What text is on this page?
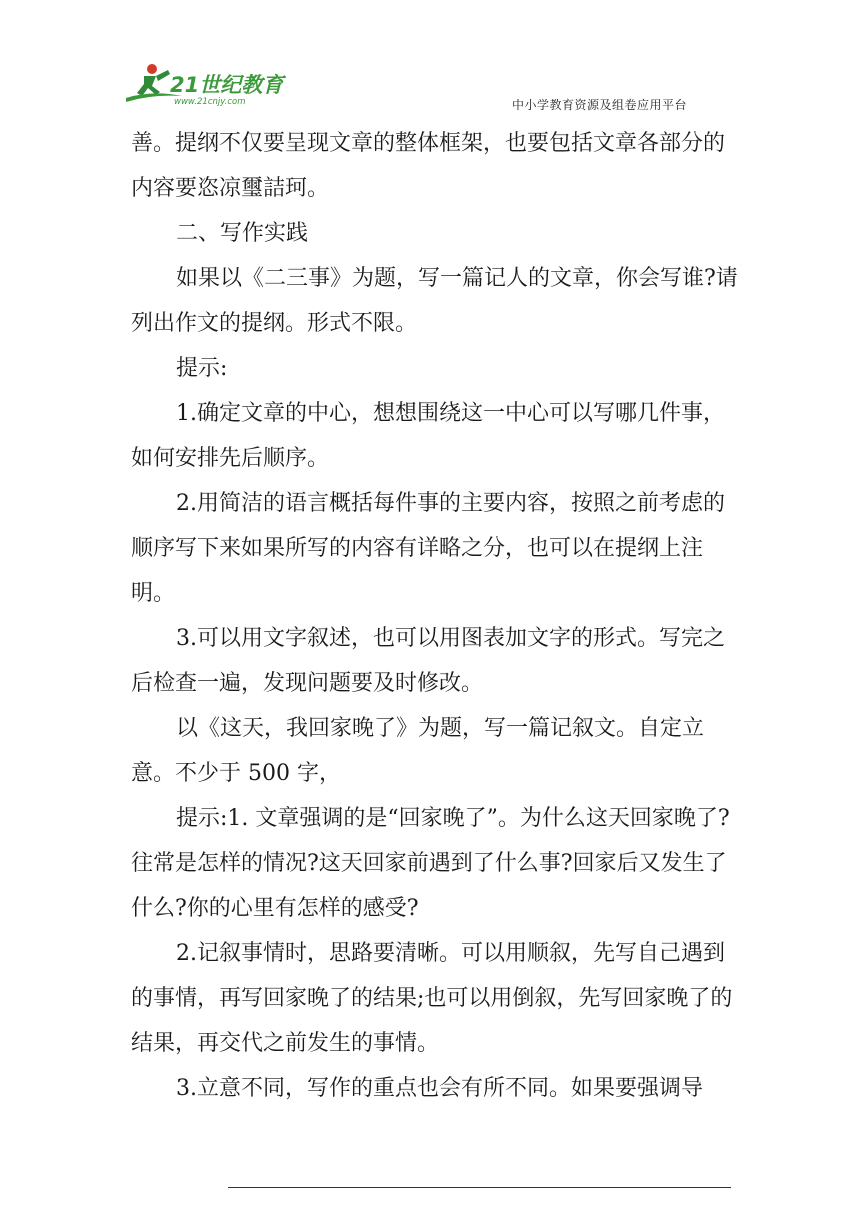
21世纪教育
www.21cnjy.com	中小学教育资源及组卷应用平台

善。提纲不仅要呈现文章的整体框架，也要包括文章各部分的内容要恣凉璽詰珂。

二、写作实践

如果以《二三事》为题，写一篇记人的文章，你会写谁?请列出作文的提纲。形式不限。

提示:

1.确定文章的中心，想想围绕这一中心可以写哪几件事，如何安排先后顺序。

2.用简洁的语言概括每件事的主要内容，按照之前考虑的顺序写下来如果所写的内容有详略之分，也可以在提纲上注明。

3.可以用文字叙述，也可以用图表加文字的形式。写完之后检查一遍，发现问题要及时修改。

以《这天，我回家晚了》为题，写一篇记叙文。自定立意。不少于 500 字，

提示:1. 文章强调的是“回家晚了”。为什么这天回家晚了?往常是怎样的情况?这天回家前遇到了什么事?回家后又发生了什么?你的心里有怎样的感受?

2.记叙事情时，思路要清晰。可以用顺叙，先写自己遇到的事情，再写回家晚了的结果;也可以用倒叙，先写回家晚了的结果，再交代之前发生的事情。

3.立意不同，写作的重点也会有所不同。如果要强调导
